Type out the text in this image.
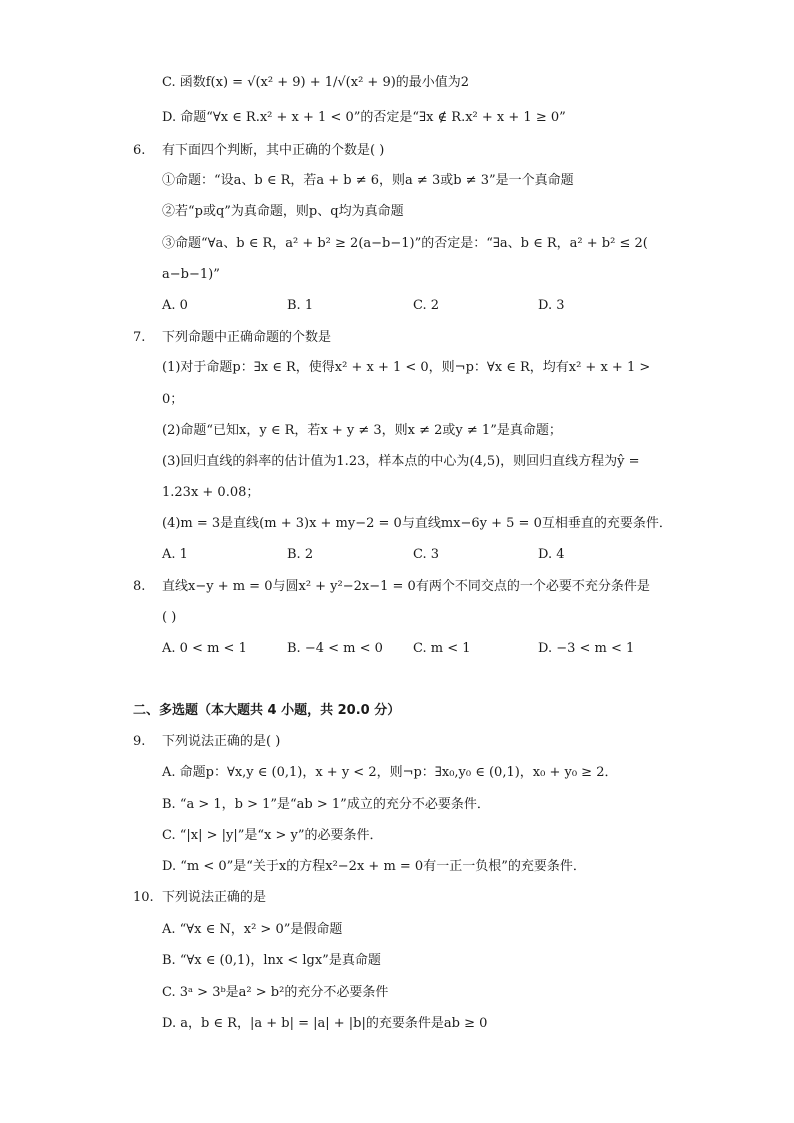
C. 函数f(x) = √(x² + 9) + 1/√(x² + 9)的最小值为2
D. 命题“∀x ∈ R.x² + x + 1 < 0”的否定是“∃x ∉ R.x² + x + 1 ≥ 0”
6. 有下面四个判断，其中正确的个数是( )
①命题：“设a、b ∈ R，若a + b ≠ 6，则a ≠ 3或b ≠ 3”是一个真命题
②若“p或q”为真命题，则p、q均为真命题
③命题“∀a、b ∈ R，a² + b² ≥ 2(a−b−1)”的否定是：“∃a、b ∈ R，a² + b² ≤ 2(
a−b−1)”
A. 0	B. 1	C. 2	D. 3
7. 下列命题中正确命题的个数是
(1)对于命题p：∃x ∈ R，使得x² + x + 1 < 0，则¬p：∀x ∈ R，均有x² + x + 1 >
0；
(2)命题“已知x，y ∈ R，若x + y ≠ 3，则x ≠ 2或y ≠ 1”是真命题；
(3)回归直线的斜率的估计值为1.23，样本点的中心为(4,5)，则回归直线方程为ŷ =
1.23x + 0.08；
(4)m = 3是直线(m + 3)x + my−2 = 0与直线mx−6y + 5 = 0互相垂直的充要条件．
A. 1	B. 2	C. 3	D. 4
8. 直线x−y + m = 0与圆x² + y²−2x−1 = 0有两个不同交点的一个必要不充分条件是
( )
A. 0 < m < 1	B. −4 < m < 0 C. m < 1	D. −3 < m < 1
二、多选题（本大题共 4 小题，共 20.0 分）
9. 下列说法正确的是( )
A. 命题p：∀x,y ∈ (0,1)，x + y < 2，则¬p：∃x₀,y₀ ∈ (0,1)，x₀ + y₀ ≥ 2．
B. “a > 1，b > 1”是“ab > 1”成立的充分不必要条件．
C. “|x| > |y|”是“x > y”的必要条件．
D. “m < 0”是“关于x的方程x²−2x + m = 0有一正一负根”的充要条件．
10. 下列说法正确的是
A. “∀x ∈ N，x² > 0”是假命题
B. “∀x ∈ (0,1)，lnx < lgx”是真命题
C. 3ᵃ > 3ᵇ是a² > b²的充分不必要条件
D. a，b ∈ R，|a + b| = |a| + |b|的充要条件是ab ≥ 0
